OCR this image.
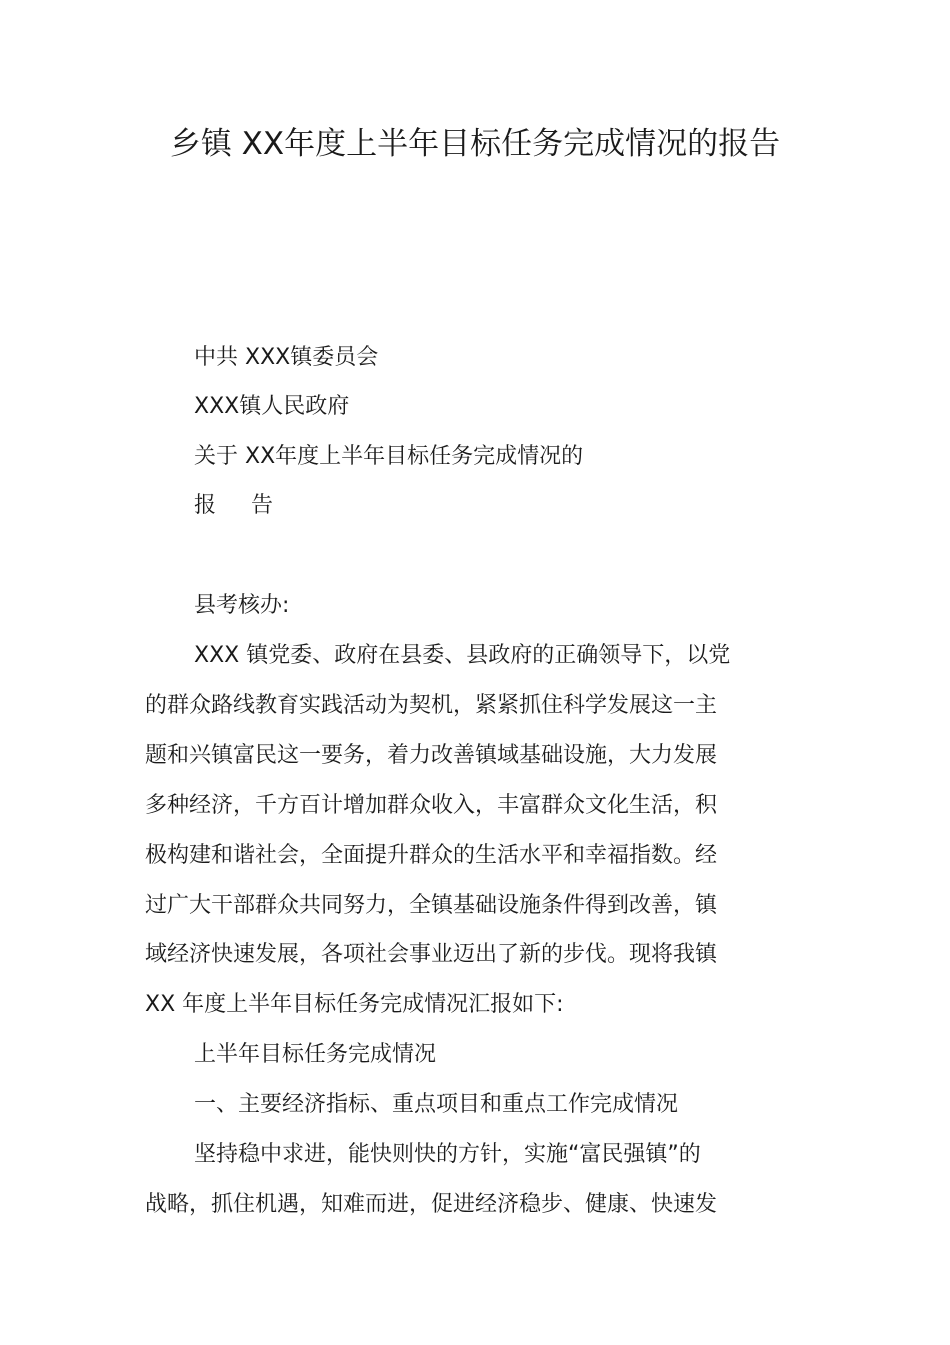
乡镇 XX年度上半年目标任务完成情况的报告

中共 XXX镇委员会

XXX镇人民政府

关于 XX年度上半年目标任务完成情况的

报 告

县考核办:

XXX 镇党委、政府在县委、县政府的正确领导下，以党

的群众路线教育实践活动为契机，紧紧抓住科学发展这一主

题和兴镇富民这一要务，着力改善镇域基础设施，大力发展

多种经济，千方百计增加群众收入，丰富群众文化生活，积

极构建和谐社会，全面提升群众的生活水平和幸福指数。经

过广大干部群众共同努力，全镇基础设施条件得到改善，镇

域经济快速发展，各项社会事业迈出了新的步伐。现将我镇

XX 年度上半年目标任务完成情况汇报如下:

上半年目标任务完成情况

一、主要经济指标、重点项目和重点工作完成情况

坚持稳中求进，能快则快的方针，实施“富民强镇”的

战略，抓住机遇，知难而进，促进经济稳步、健康、快速发
